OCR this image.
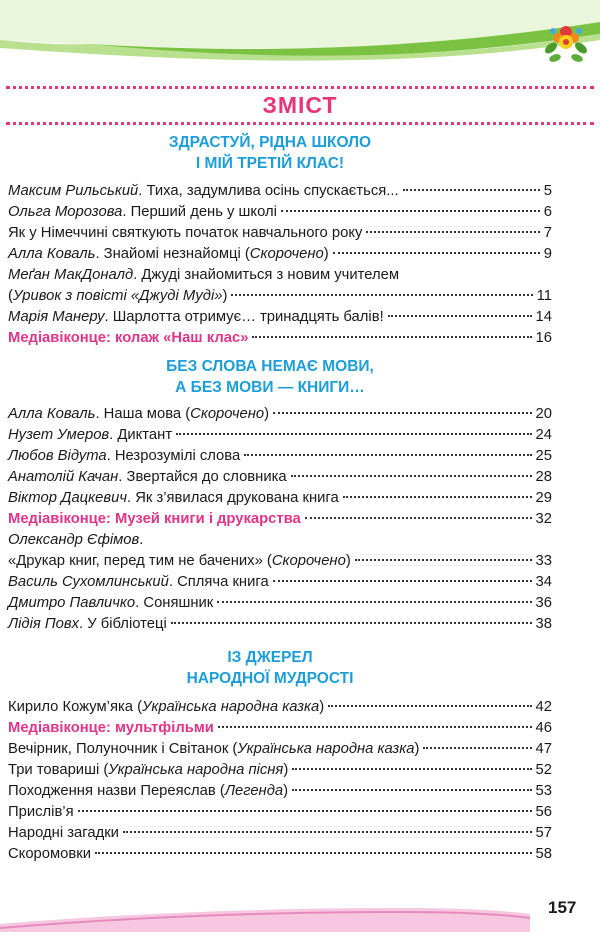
ЗМІСТ
ЗДРАСТУЙ, РІДНА ШКОЛО
І МІЙ ТРЕТІЙ КЛАС!
Максим Рильський. Тиха, задумлива осінь спускається...	5
Ольга Морозова. Перший день у школі	6
Як у Німеччині святкують початок навчального року	7
Алла Коваль. Знайомі незнайомці (Скорочено)	9
Меґан МакДоналд. Джуді знайомиться з новим учителем
(Уривок з повісті «Джуді Муді»)	11
Марія Манеру. Шарлотта отримує… тринадцять балів!	14
Медіавіконце: колаж «Наш клас»	16
БЕЗ СЛОВА НЕМАЄ МОВИ,
А БЕЗ МОВИ — КНИГИ…
Алла Коваль. Наша мова (Скорочено)	20
Нузет Умеров. Диктант	24
Любов Відута. Незрозумілі слова	25
Анатолій Качан. Звертайся до словника	28
Віктор Дацкевич. Як з’явилася друкована книга	29
Медіавіконце: Музей книги і друкарства	32
Олександр Єфімов.
«Друкар книг, перед тим не бачених» (Скорочено)	33
Василь Сухомлинський. Сплячa книга	34
Дмитро Павличко. Соняшник	36
Лідія Повх. У бібліотеці	38
ІЗ ДЖЕРЕЛ
НАРОДНОЇ МУДРОСТІ
Кирило Кожум’яка (Українська народна казка)	42
Медіавіконце: мультфільми	46
Вечірник, Полуночник і Світанок (Українська народна казка)	47
Три товариші (Українська народна пісня)	52
Походження назви Переяслав (Легенда)	53
Прислів’я	56
Народні загадки	57
Скоромовки	58
157
